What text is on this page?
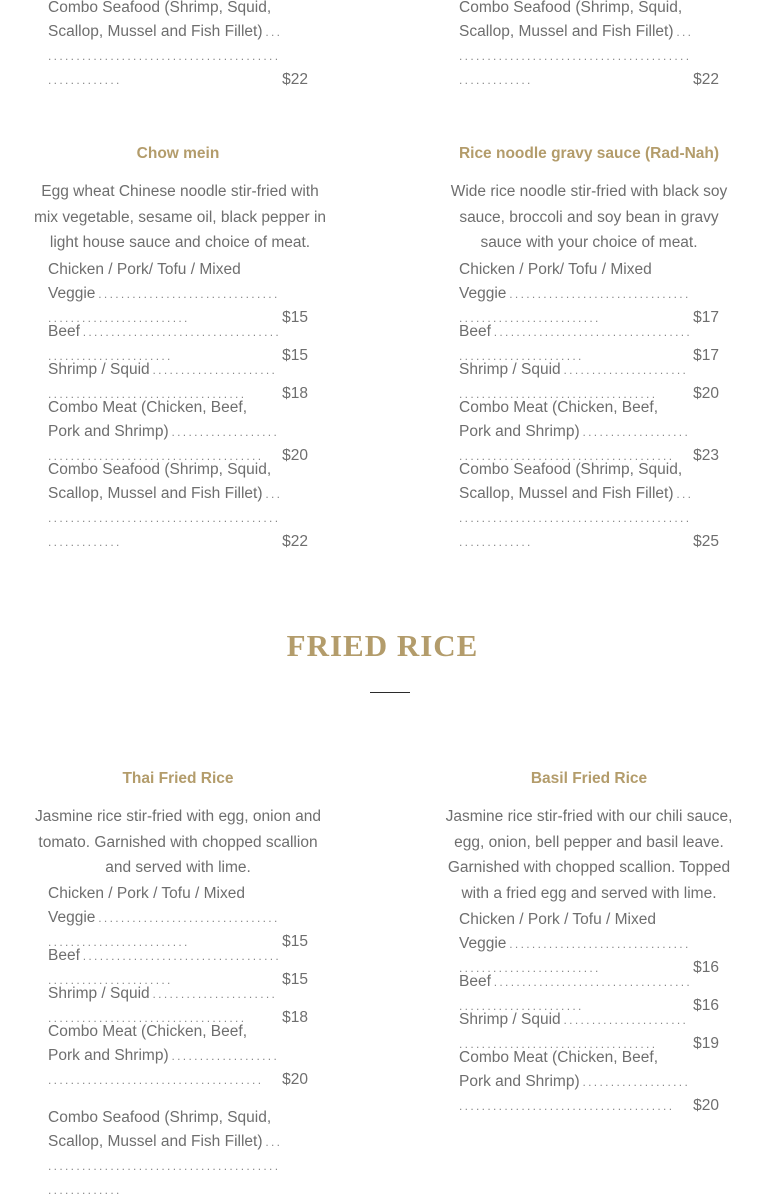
. . .
Combo Seafood (Shrimp, Squid, Scallop, Mussel and Fish Fillet) . . .
$22
. . .
Combo Seafood (Shrimp, Squid, Scallop, Mussel and Fish Fillet) . . .
$22
Chow mein

Egg wheat Chinese noodle stir-fried with mix vegetable, sesame oil, black pepper in light house sauce and choice of meat.

Chicken / Pork/ Tofu / Mixed Veggie . . .
$15
Beef . . .
$15
Shrimp / Squid . . .
$18
Combo Meat (Chicken, Beef, Pork and Shrimp) . . .
$20
Combo Seafood (Shrimp, Squid, Scallop, Mussel and Fish Fillet) . . .
$22
Rice noodle gravy sauce (Rad-Nah)

Wide rice noodle stir-fried with black soy sauce, broccoli and soy bean in gravy sauce with your choice of meat.

Chicken / Pork/ Tofu / Mixed Veggie . . .
$17
Beef . . .
$17
Shrimp / Squid . . .
$20
Combo Meat (Chicken, Beef, Pork and Shrimp) . . .
$23
Combo Seafood (Shrimp, Squid, Scallop, Mussel and Fish Fillet) . . .
$25
FRIED RICE
Thai Fried Rice

Jasmine rice stir-fried with egg, onion and tomato. Garnished with chopped scallion and served with lime.

Chicken / Pork / Tofu / Mixed Veggie . . .
$15
Beef . . .
$15
Shrimp / Squid . . .
$18
Combo Meat (Chicken, Beef, Pork and Shrimp) . . .
$20
Combo Seafood (Shrimp, Squid, Scallop, Mussel and Fish Fillet) . . .
Basil Fried Rice

Jasmine rice stir-fried with our chili sauce, egg, onion, bell pepper and basil leave. Garnished with chopped scallion. Topped with a fried egg and served with lime.

Chicken / Pork / Tofu / Mixed Veggie . . .
$16
Beef . . .
$16
Shrimp / Squid . . .
$19
Combo Meat (Chicken, Beef, Pork and Shrimp) . . .
$20
